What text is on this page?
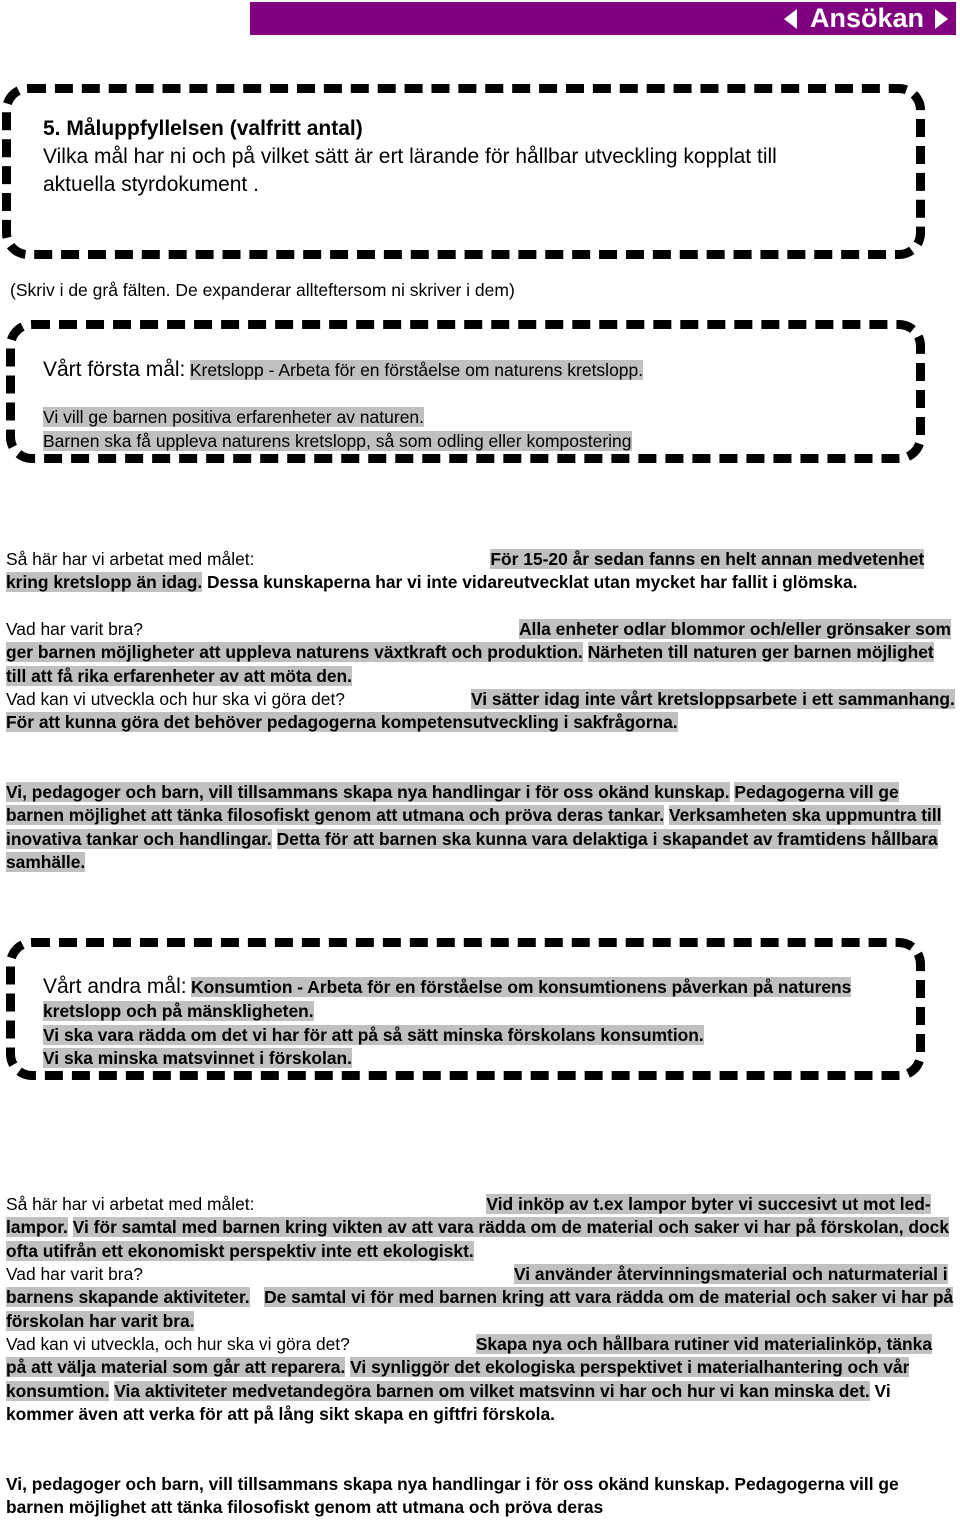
Ansökan
5. Måluppfyllelsen (valfritt antal)
Vilka mål har ni och på vilket sätt är ert lärande för hållbar utveckling kopplat till
aktuella styrdokument .
(Skriv i de grå fälten. De expanderar allteftersom ni skriver i dem)
Vårt första mål: Kretslopp - Arbeta för en förståelse om naturens kretslopp.
Vi vill ge barnen positiva erfarenheter av naturen.
Barnen ska få uppleva naturens kretslopp, så som odling eller kompostering
Så här har vi arbetat med målet:	För 15-20 år sedan fanns en helt annan medvetenhet kring kretslopp än idag. Dessa kunskaperna har vi inte vidareutvecklat utan mycket har fallit i glömska.
Vad har varit bra?	Alla enheter odlar blommor och/eller grönsaker som ger barnen möjligheter att uppleva naturens växtkraft och produktion. Närheten till naturen ger barnen möjlighet till att få rika erfarenheter av att möta den.
Vad kan vi utveckla och hur ska vi göra det?	Vi sätter idag inte vårt kretsloppsarbete i ett sammanhang. För att kunna göra det behöver pedagogerna kompetensutveckling i sakfrågorna.
Vi, pedagoger och barn, vill tillsammans skapa nya handlingar i för oss okänd kunskap. Pedagogerna vill ge barnen möjlighet att tänka filosofiskt genom att utmana och pröva deras tankar. Verksamheten ska uppmuntra till inovativa tankar och handlingar. Detta för att barnen ska kunna vara delaktiga i skapandet av framtidens hållbara samhälle.
Vårt andra mål: Konsumtion - Arbeta för en förståelse om konsumtionens påverkan på naturens kretslopp och på mänskligheten.
Vi ska vara rädda om det vi har för att på så sätt minska förskolans konsumtion.
Vi ska minska matsvinnet i förskolan.
Så här har vi arbetat med målet:	Vid inköp av t.ex lampor byter vi succesivt ut mot led-lampor. Vi för samtal med barnen kring vikten av att vara rädda om de material och saker vi har på förskolan, dock ofta utifrån ett ekonomiskt perspektiv inte ett ekologiskt.
Vad har varit bra?	Vi använder återvinningsmaterial och naturmaterial i barnens skapande aktiviteter. De samtal vi för med barnen kring att vara rädda om de material och saker vi har på förskolan har varit bra.
Vad kan vi utveckla, och hur ska vi göra det?	Skapa nya och hållbara rutiner vid materialinköp, tänka på att välja material som går att reparera. Vi synliggör det ekologiska perspektivet i materialhantering och vår konsumtion. Via aktiviteter medvetandegöra barnen om vilket matsvinn vi har och hur vi kan minska det. Vi kommer även att verka för att på lång sikt skapa en giftfri förskola.
Vi, pedagoger och barn, vill tillsammans skapa nya handlingar i för oss okänd kunskap. Pedagogerna vill ge barnen möjlighet att tänka filosofiskt genom att utmana och pröva deras
